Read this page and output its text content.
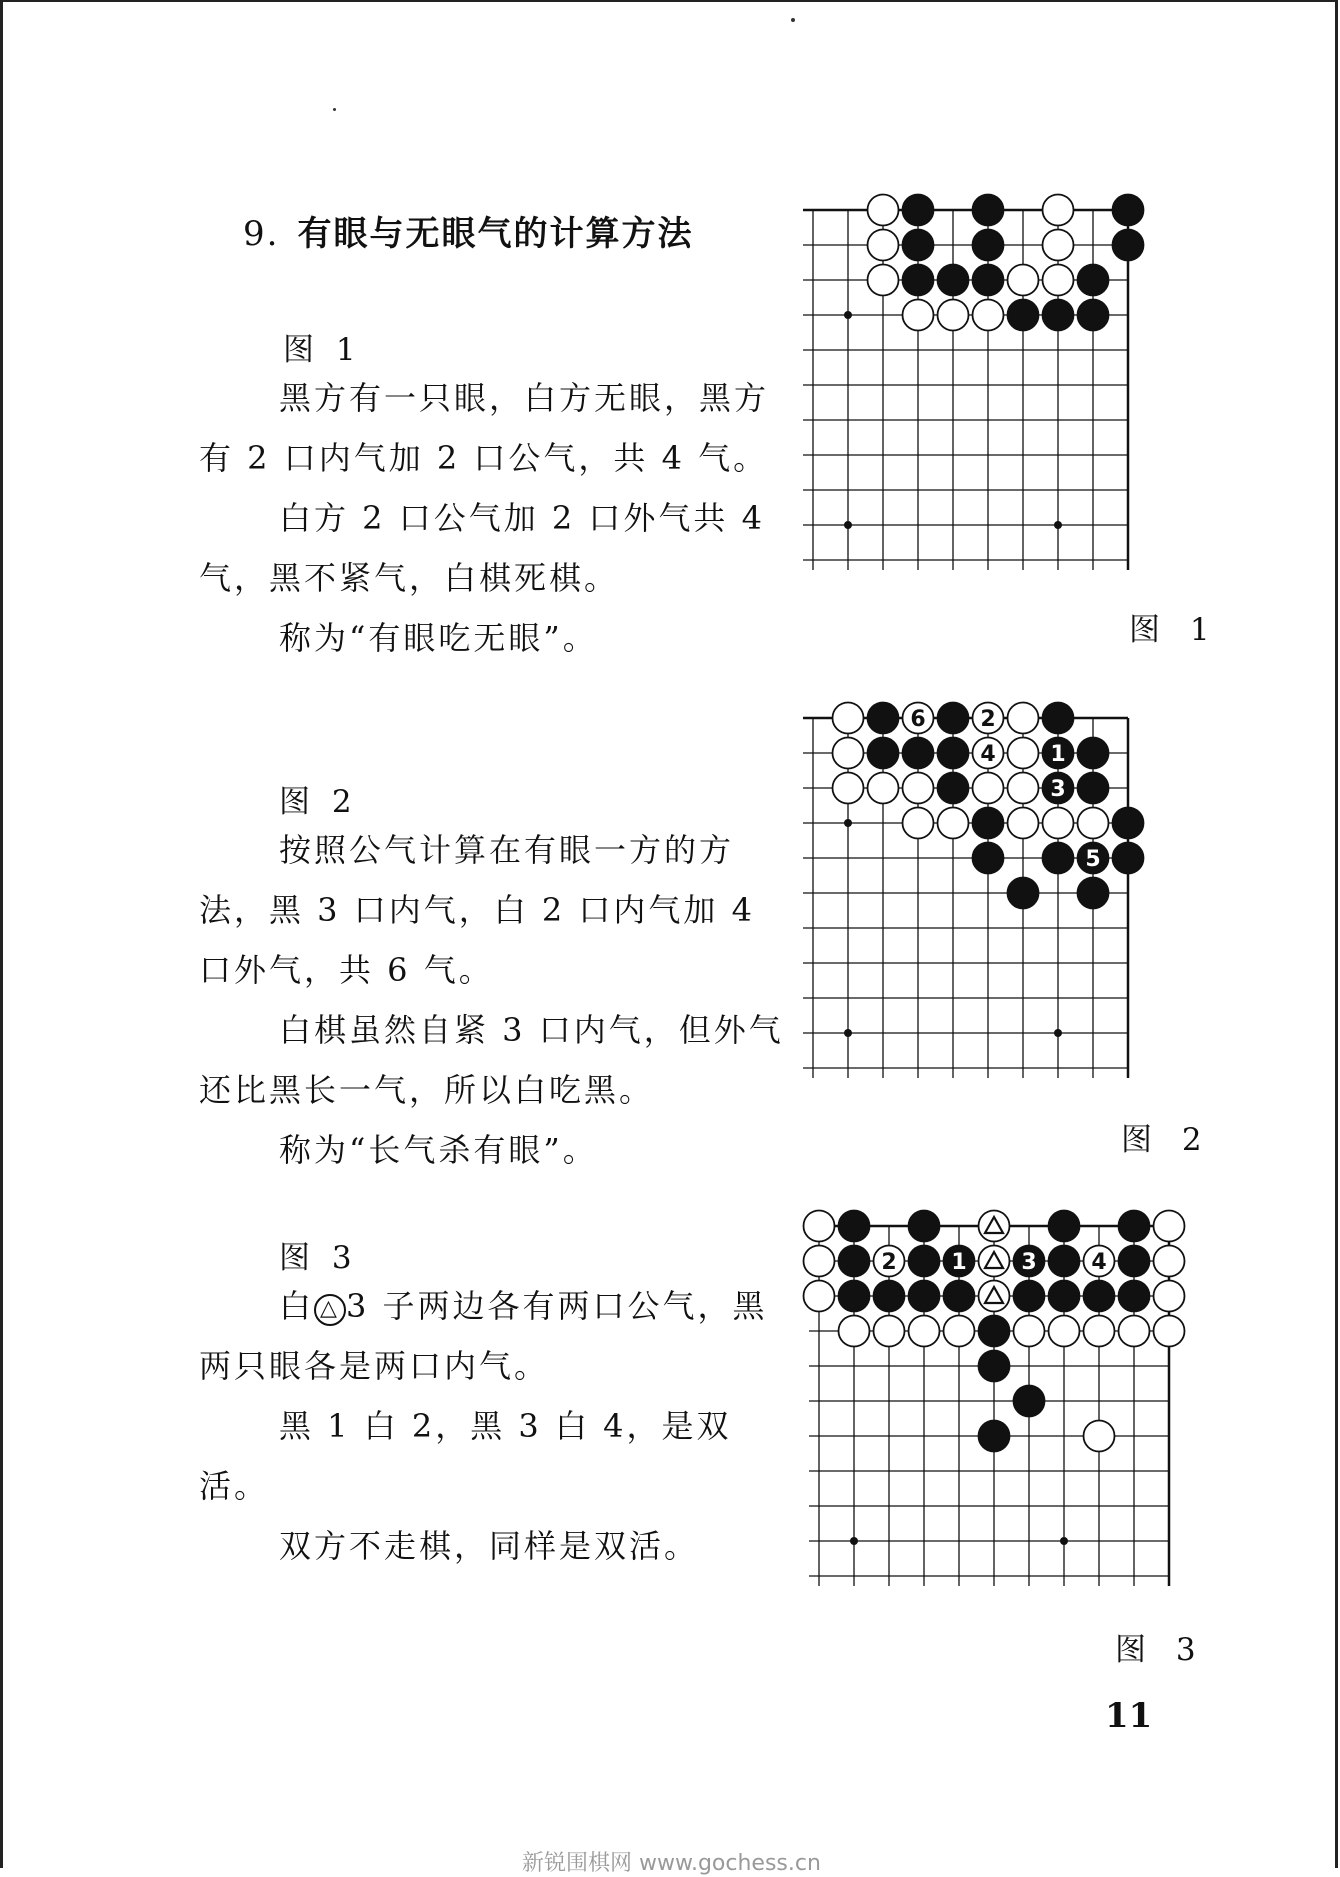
9. 有眼与无眼气的计算方法
图 1

黑方有一只眼，白方无眼，黑方有 2 口内气加 2 口公气，共 4 气。

白方 2 口公气加 2 口外气共 4 气，黑不紧气，白棋死棋。

称为“有眼吃无眼”。

图 2

按照公气计算在有眼一方的方法，黑 3 口内气，白 2 口内气加 4 口外气，共 6 气。

白棋虽然自紧 3 口内气，但外气还比黑长一气，所以白吃黑。

称为“长气杀有眼”。

图 3

白 △ 3 子两边各有两口公气，黑两只眼各是两口内气。

黑 1 白 2，黑 3 白 4，是双活。

双方不走棋，同样是双活。

图 1
6 2
4 1
3
5
图 2
2 1 3 4
图 3
11
新锐围棋网 www.gochess.cn
